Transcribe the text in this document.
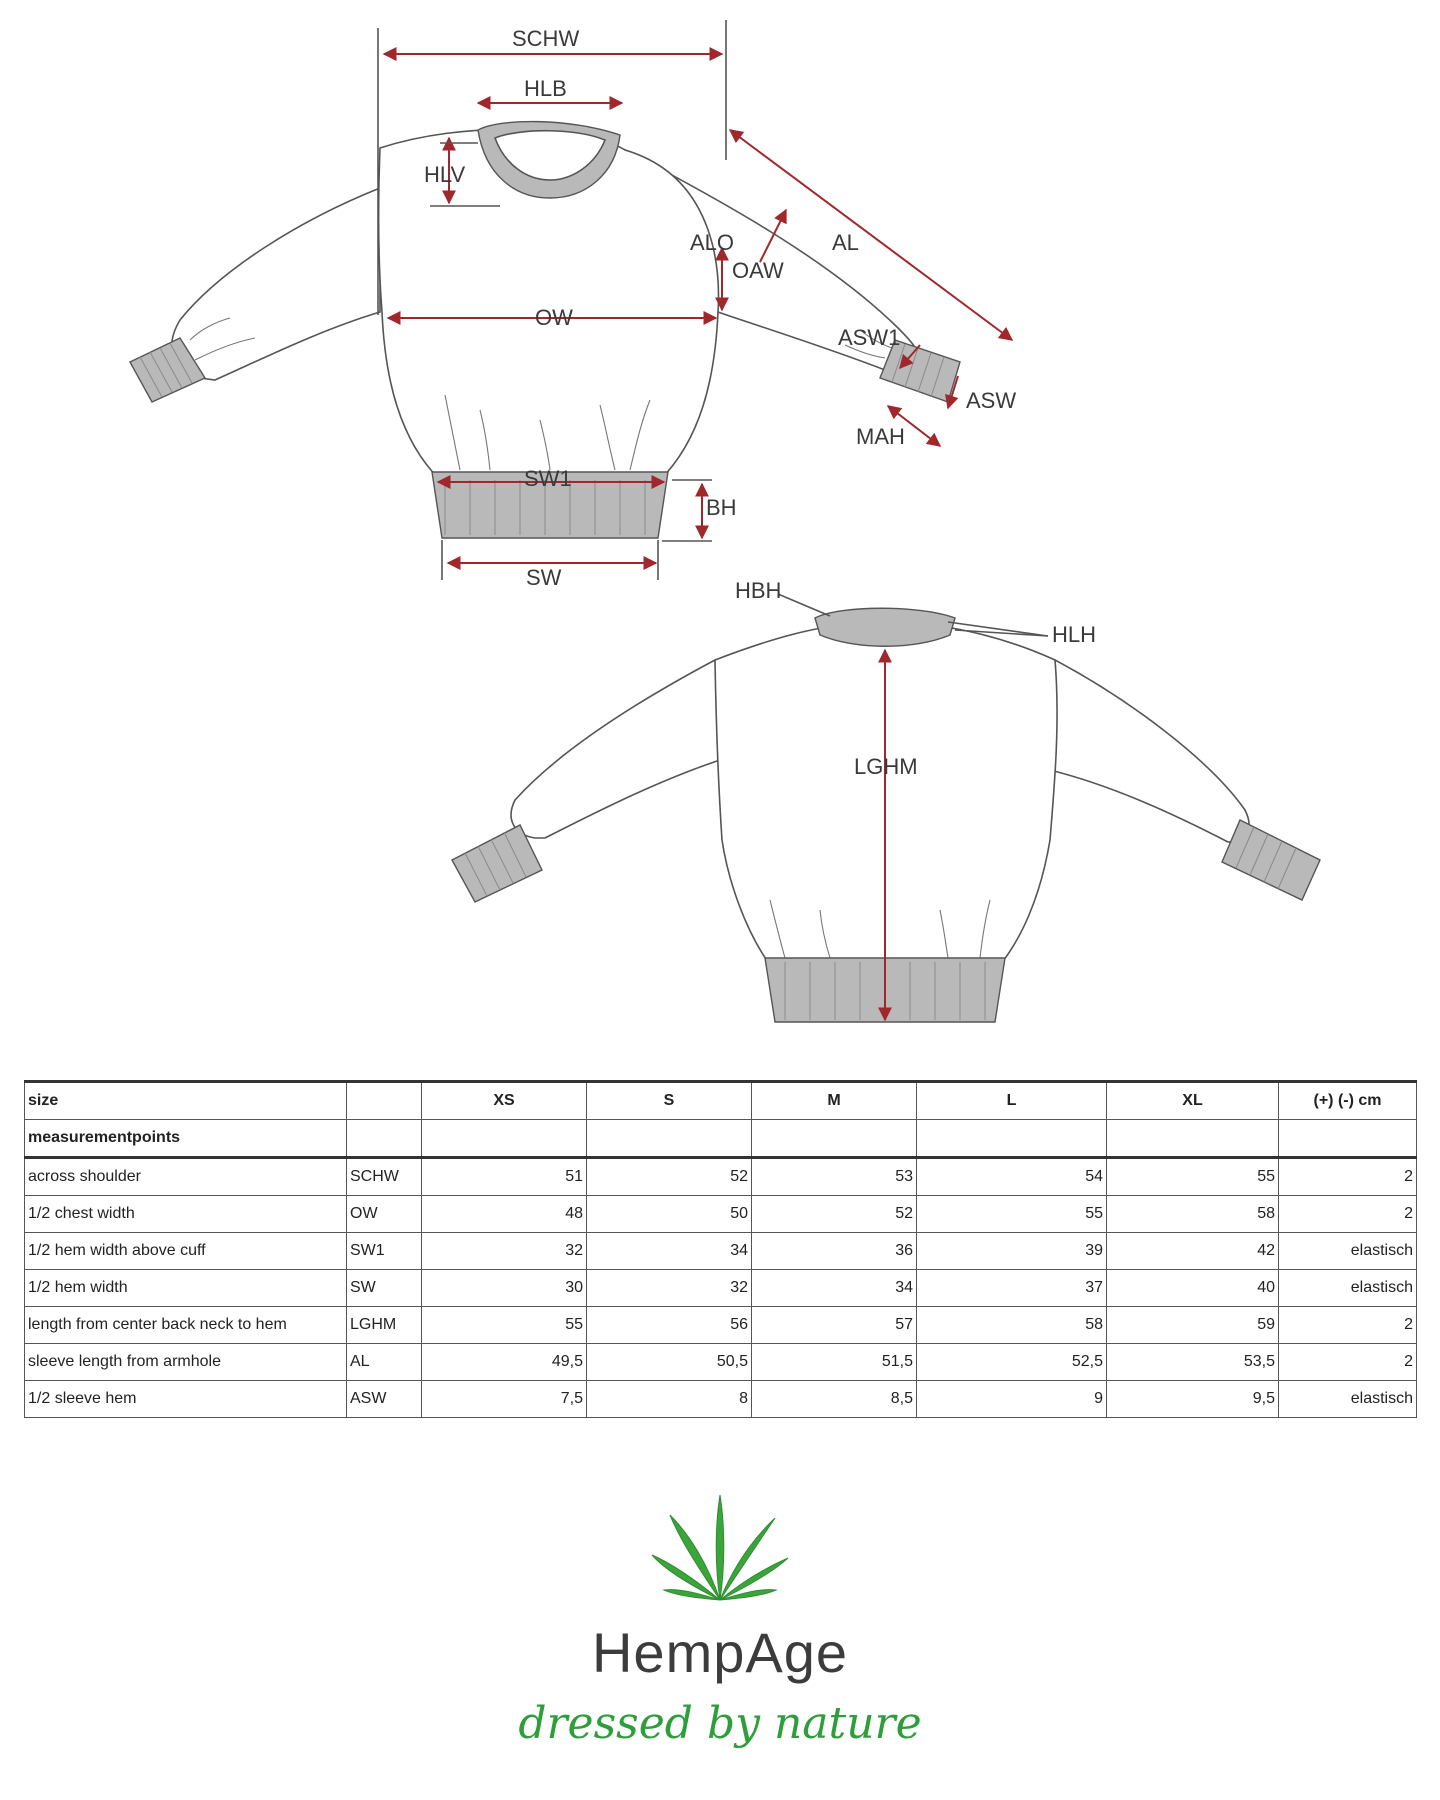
SCHW
HLB
HLV
ALO
OAW
AL
OW
ASW1
ASW
MAH
SW1
BH
SW
HBH
HLH
LGHM
size		XS	S	M	L	XL	(+) (-) cm
measurementpoints							
across shoulder	SCHW	51	52	53	54	55	2
1/2 chest width	OW	48	50	52	55	58	2
1/2 hem width above cuff	SW1	32	34	36	39	42	elastisch
1/2 hem width	SW	30	32	34	37	40	elastisch
length from center back neck to hem	LGHM	55	56	57	58	59	2
sleeve length from armhole	AL	49,5	50,5	51,5	52,5	53,5	2
1/2 sleeve hem	ASW	7,5	8	8,5	9	9,5	elastisch
HempAge
dressed by nature
